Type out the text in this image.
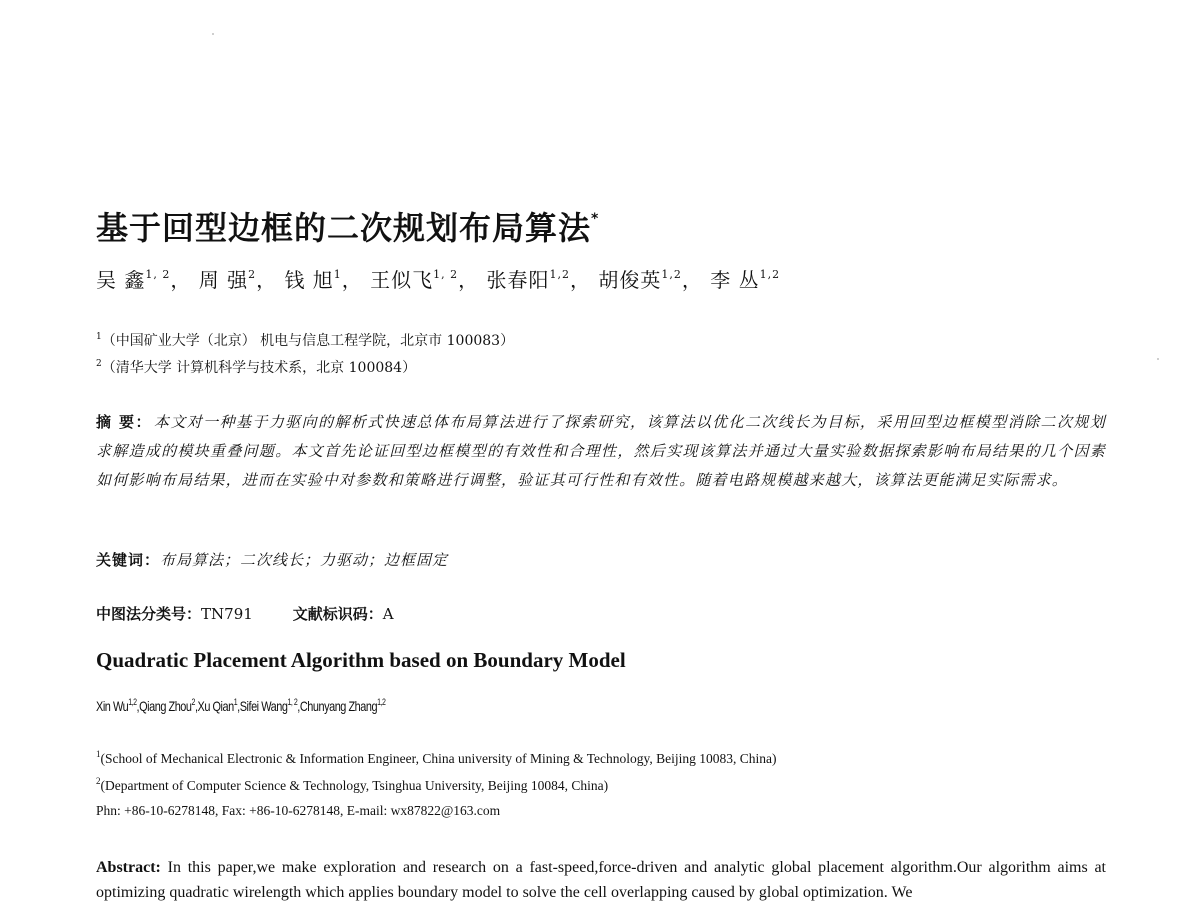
基于回型边框的二次规划布局算法*
吴 鑫$^{1, 2}$， 周 强$^2$， 钱 旭$^1$， 王似飞$^{1, 2}$， 张春阳$^{1,2}$， 胡俊英$^{1,2}$， 李 丛$^{1,2}$
$^1$（中国矿业大学（北京） 机电与信息工程学院，北京市 100083）
$^2$（清华大学 计算机科学与技术系，北京 100084）
摘 要： 本文对一种基于力驱向的解析式快速总体布局算法进行了探索研究，该算法以优化二次线长为目标，采用回型边框模型消除二次规划求解造成的模块重叠问题。本文首先论证回型边框模型的有效性和合理性，然后实现该算法并通过大量实验数据探索影响布局结果的几个因素如何影响布局结果，进而在实验中对参数和策略进行调整，验证其可行性和有效性。随着电路规模越来越大，该算法更能满足实际需求。
关键词：布局算法；二次线长；力驱动；边框固定
中图法分类号：TN791	文献标识码：A
Quadratic Placement Algorithm based on Boundary Model
Xin Wu$^{1,2}$,Qiang Zhou$^2$,Xu Qian$^1$,Sifei Wang$^{1, 2}$,Chunyang Zhang$^{1,2}$
$^1$(School of Mechanical Electronic & Information Engineer, China university of Mining & Technology, Beijing 10083, China)
$^2$(Department of Computer Science & Technology, Tsinghua University, Beijing 10084, China)
Phn: +86-10-6278148, Fax: +86-10-6278148, E-mail: wx87822@163.com
Abstract: In this paper,we make exploration and research on a fast-speed,force-driven and analytic global placement algorithm.Our algorithm aims at optimizing quadratic wirelength which applies boundary model to solve the cell overlapping caused by global optimization. We
